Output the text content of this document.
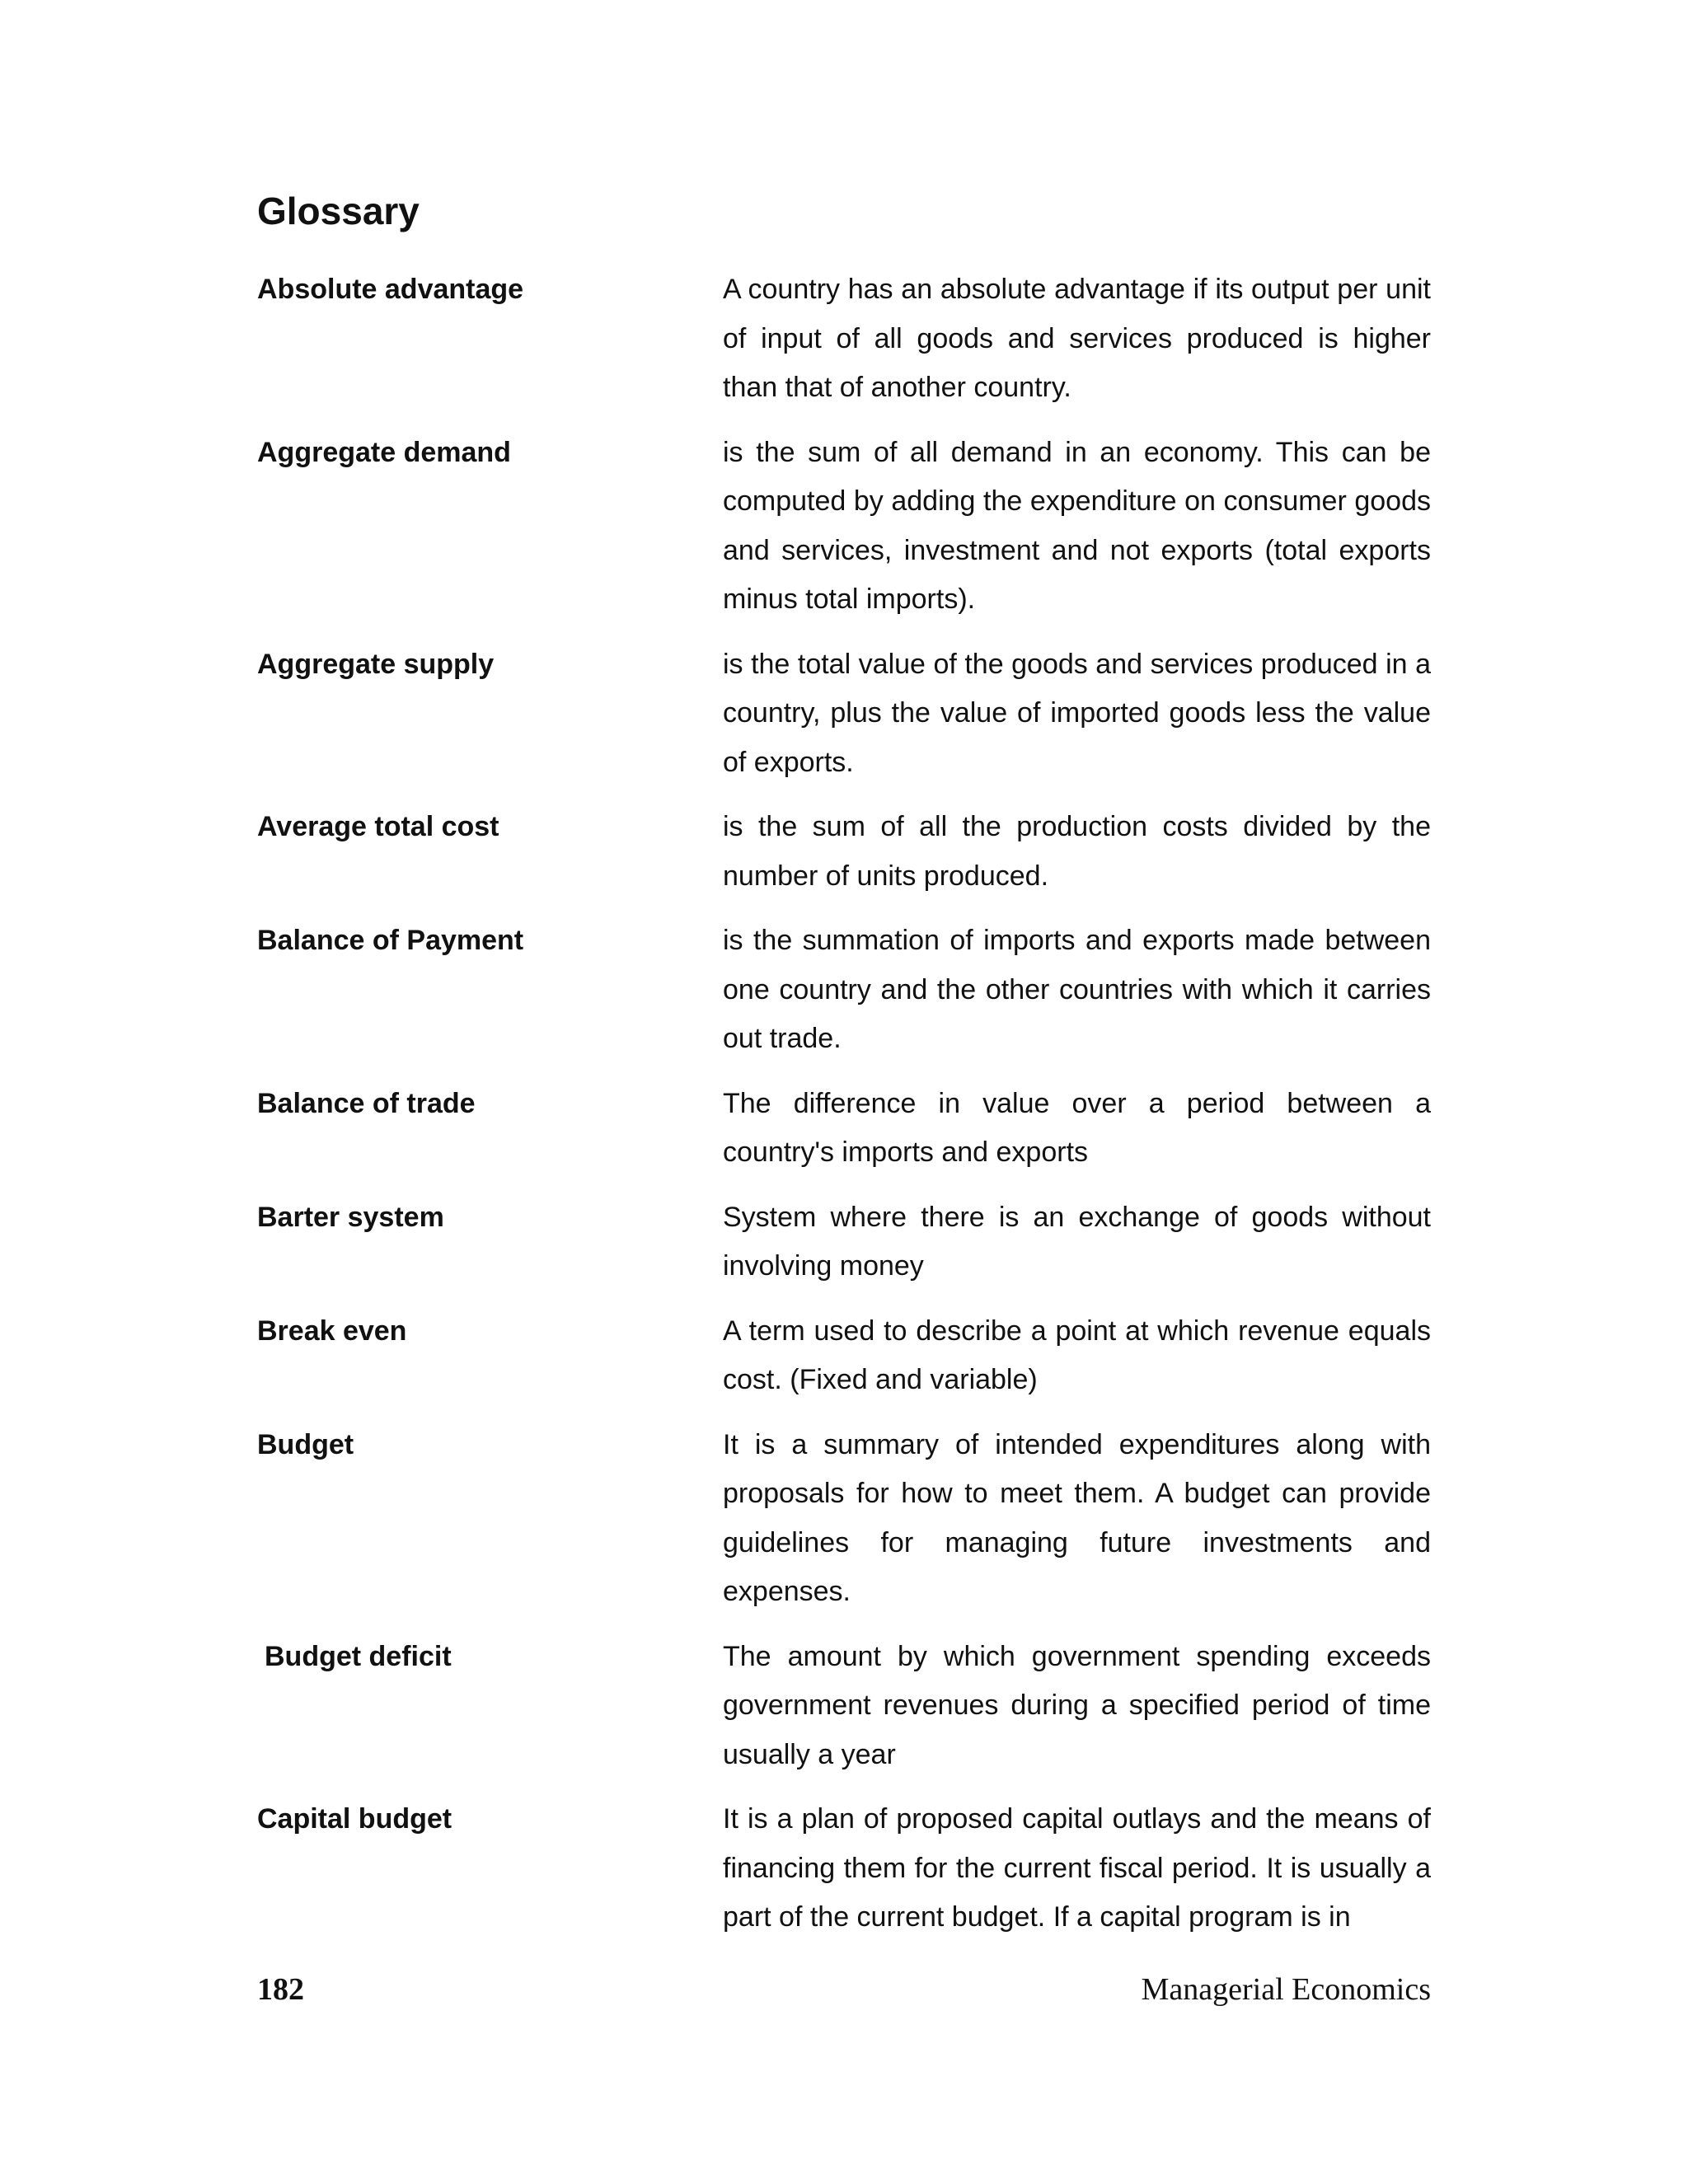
Glossary
Absolute advantage	A country has an absolute advantage if its output per unit of input of all goods and services produced is higher than that of another country.
Aggregate demand	is the sum of all demand in an economy. This can be computed by adding the expenditure on consumer goods and services, investment and not exports (total exports minus total imports).
Aggregate supply	is the total value of the goods and services produced in a country, plus the value of imported goods less the value of exports.
Average total cost	is the sum of all the production costs divided by the number of units produced.
Balance of Payment	is the summation of imports and exports made between one country and the other countries with which it carries out trade.
Balance of trade	The difference in value over a period between a country's imports and exports
Barter system	System where there is an exchange of goods without involving money
Break even	A term used to describe a point at which revenue equals cost. (Fixed and variable)
Budget	It is a summary of intended expenditures along with proposals for how to meet them. A budget can provide guidelines for managing future investments and expenses.
Budget deficit	The amount by which government spending exceeds government revenues during a specified period of time usually a year
Capital budget	It is a plan of proposed capital outlays and the means of financing them for the current fiscal period. It is usually a part of the current budget. If a capital program is in
182	Managerial Economics
